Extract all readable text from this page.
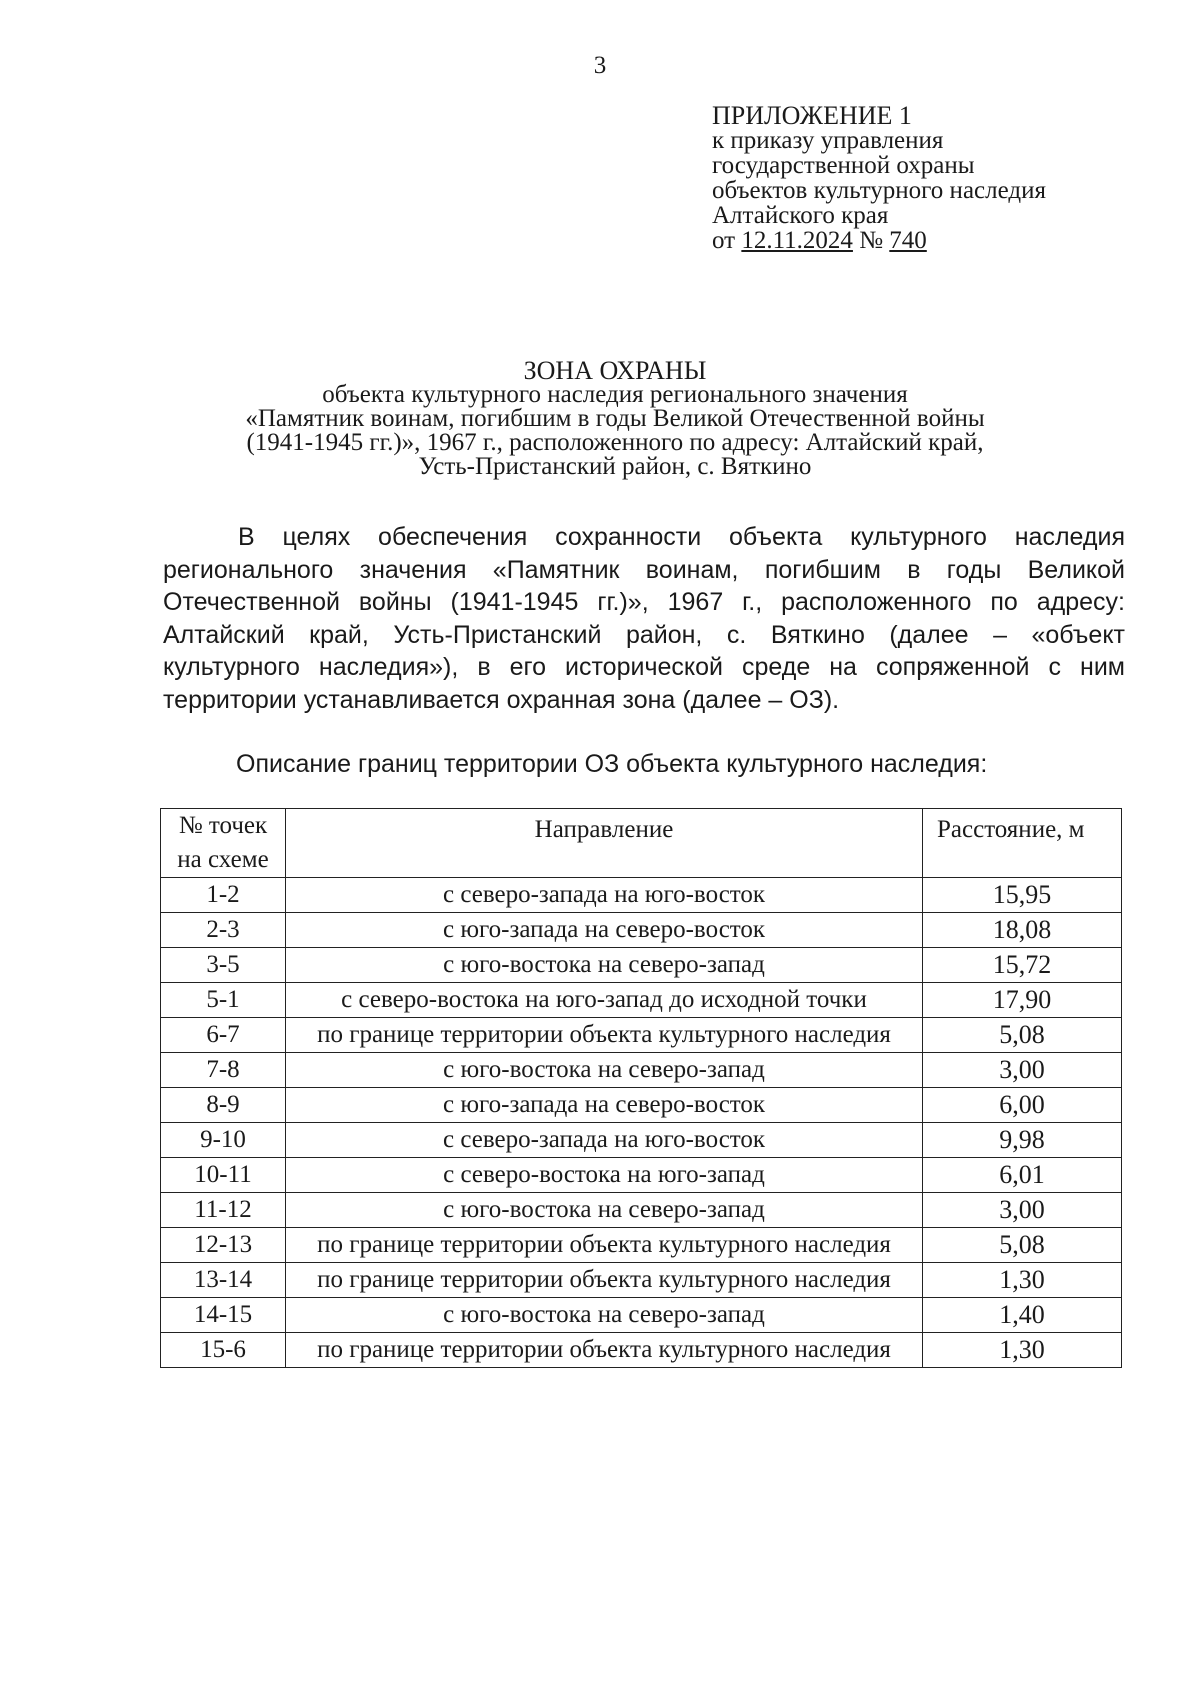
3
ПРИЛОЖЕНИЕ 1
к приказу управления
государственной охраны
объектов культурного наследия
Алтайского края
от 12.11.2024 № 740
ЗОНА ОХРАНЫ
объекта культурного наследия регионального значения
«Памятник воинам, погибшим в годы Великой Отечественной войны
(1941-1945 гг.)», 1967 г., расположенного по адресу: Алтайский край,
Усть-Пристанский район, с. Вяткино
В целях обеспечения сохранности объекта культурного наследия регионального значения «Памятник воинам, погибшим в годы Великой Отечественной войны (1941-1945 гг.)», 1967 г., расположенного по адресу: Алтайский край, Усть-Пристанский район, с. Вяткино (далее – «объект культурного наследия»), в его исторической среде на сопряженной с ним территории устанавливается охранная зона (далее – ОЗ).
Описание границ территории ОЗ объекта культурного наследия:
№ точек
на схеме	Направление	Расстояние, м
1-2	с северо-запада на юго-восток	15,95
2-3	с юго-запада на северо-восток	18,08
3-5	с юго-востока на северо-запад	15,72
5-1	с северо-востока на юго-запад до исходной точки	17,90
6-7	по границе территории объекта культурного наследия	5,08
7-8	с юго-востока на северо-запад	3,00
8-9	с юго-запада на северо-восток	6,00
9-10	с северо-запада на юго-восток	9,98
10-11	с северо-востока на юго-запад	6,01
11-12	с юго-востока на северо-запад	3,00
12-13	по границе территории объекта культурного наследия	5,08
13-14	по границе территории объекта культурного наследия	1,30
14-15	с юго-востока на северо-запад	1,40
15-6	по границе территории объекта культурного наследия	1,30
